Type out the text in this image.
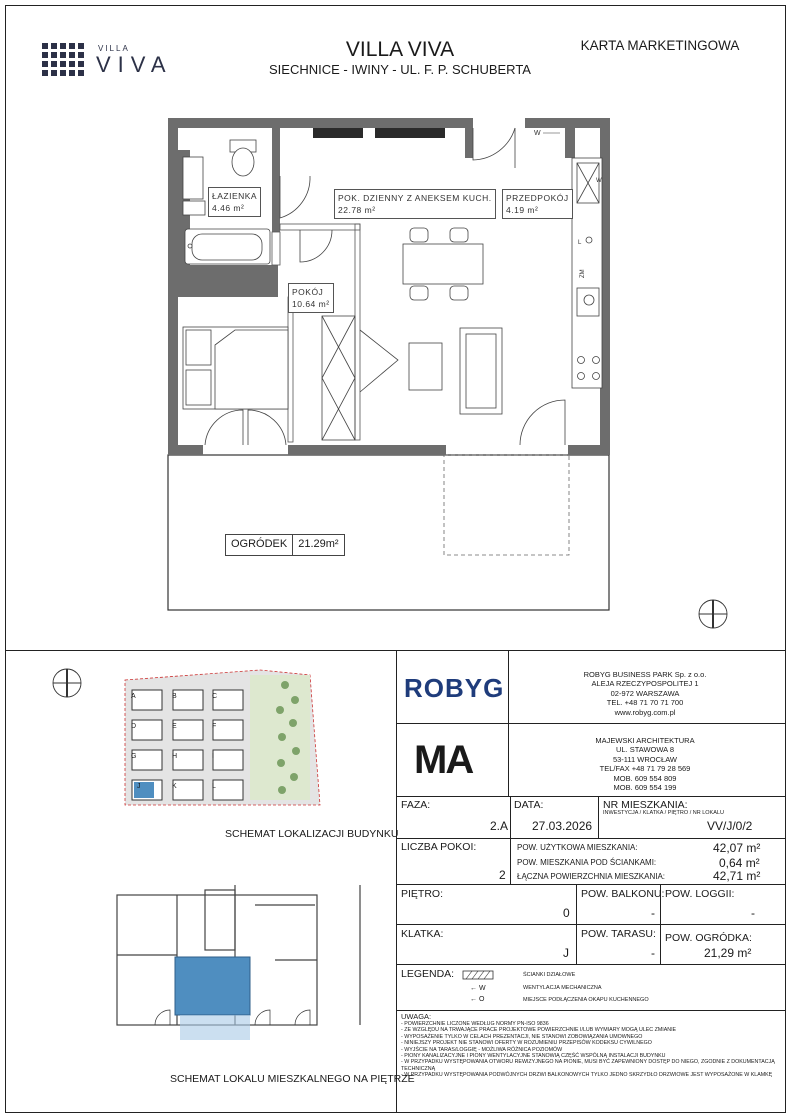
VILLA
VIVA
VILLA VIVA
SIECHNICE - IWINY - UL. F. P. SCHUBERTA
KARTA MARKETINGOWA
L
ZM
W
W
ŁAZIENKA
4.46 m²
POK. DZIENNY Z ANEKSEM KUCH.
22.78 m²
PRZEDPOKÓJ
4.19 m²
POKÓJ
10.64 m²
OGRÓDEK	21.29m²
A	B	C
D	E	F
G	H	I
J	K	L
SCHEMAT LOKALIZACJI BUDYNKU
SCHEMAT LOKALU MIESZKALNEGO NA PIĘTRZE
ROBYG	ROBYG BUSINESS PARK Sp. z o.o.
ALEJA RZECZYPOSPOLITEJ 1
02-972 WARSZAWA
TEL. +48 71 70 71 700
www.robyg.com.pl
MA	MAJEWSKI ARCHITEKTURA
UL. STAWOWA 8
53-111 WROCŁAW
TEL/FAX +48 71 79 28 569
MOB. 609 554 809
MOB. 609 554 199
FAZA:
2.A
DATA:
27.03.2026
NR MIESZKANIA:
INWESTYCJA / KLATKA / PIĘTRO / NR LOKALU
VV/J/0/2
LICZBA POKOI:
2
POW. UŻYTKOWA MIESZKANIA:	42,07 m²
POW. MIESZKANIA POD ŚCIANKAMI:	0,64 m²
ŁĄCZNA POWIERZCHNIA MIESZKANIA:	42,71 m²
PIĘTRO:
0
POW. BALKONU:
-
POW. LOGGII:
-
KLATKA:
J
POW. TARASU:
-
POW. OGRÓDKA:
21,29 m²
LEGENDA:
← W
← O
ŚCIANKI DZIAŁOWE
WENTYLACJA MECHANICZNA
MIEJSCE PODŁĄCZENIA OKAPU KUCHENNEGO
UWAGA:
- POWIERZCHNIE LICZONE WEDŁUG NORMY PN-ISO 9836
- ZE WZGLĘDU NA TRWAJĄCE PRACE PROJEKTOWE POWIERZCHNIE I/LUB WYMIARY MOGĄ ULEC ZMIANIE
- WYPOSAŻENIE TYLKO W CELACH PREZENTACJI, NIE STANOWI ZOBOWIĄZANIA UMOWNEGO
- NINIEJSZY PROJEKT NIE STANOWI OFERTY W ROZUMIENIU PRZEPISÓW KODEKSU CYWILNEGO
- WYJŚCIE NA TARAS/LOGGIĘ - MOŻLIWA RÓŻNICA POZIOMÓW
- PIONY KANALIZACYJNE I PIONY WENTYLACYJNE STANOWIĄ CZĘŚĆ WSPÓLNĄ INSTALACJI BUDYNKU
- W PRZYPADKU WYSTĘPOWANIA OTWORU REWIZYJNEGO NA PIONIE, MUSI BYĆ ZAPEWNIONY DOSTĘP DO NIEGO, ZGODNIE Z DOKUMENTACJĄ
TECHNICZNĄ
- W PRZYPADKU WYSTĘPOWANIA PODWÓJNYCH DRZWI BALKONOWYCH TYLKO JEDNO SKRZYDŁO DRZWIOWE JEST WYPOSAŻONE W KLAMKĘ
